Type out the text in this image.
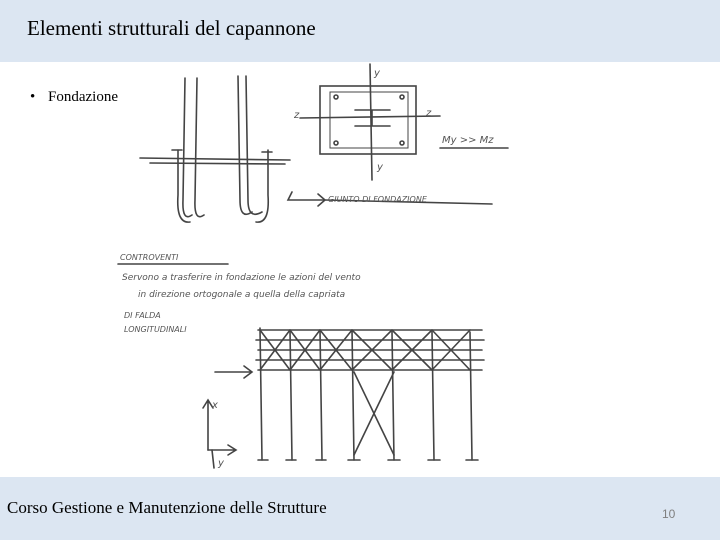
Elementi strutturali del capannone
• Fondazione
y
y
z	z
My >> Mz
GIUNTO DI FONDAZIONE
CONTROVENTI
Servono a trasferire in fondazione le azioni del vento
in direzione ortogonale a quella della capriata
DI FALDA
LONGITUDINALI
x
y
Corso Gestione e Manutenzione delle Strutture	10
